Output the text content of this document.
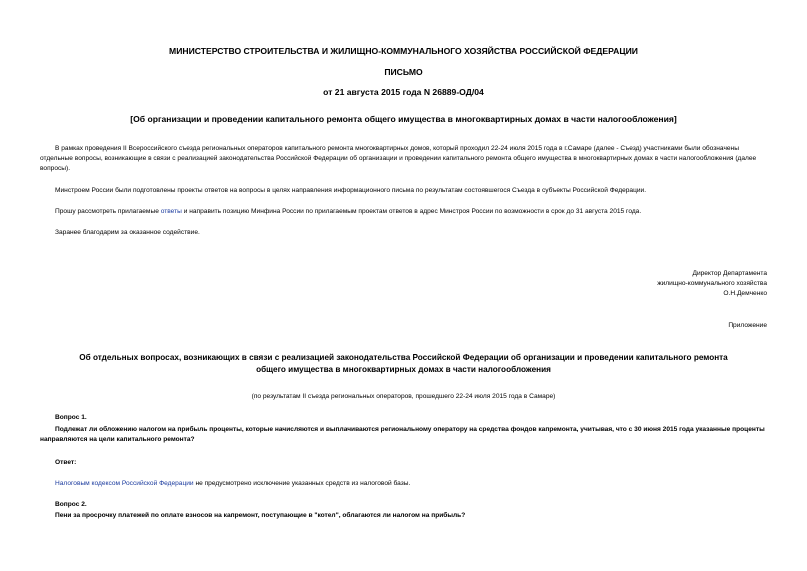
МИНИСТЕРСТВО СТРОИТЕЛЬСТВА И ЖИЛИЩНО-КОММУНАЛЬНОГО ХОЗЯЙСТВА РОССИЙСКОЙ ФЕДЕРАЦИИ
ПИСЬМО
от 21 августа 2015 года N 26889-ОД/04
[Об организации и проведении капитального ремонта общего имущества в многоквартирных домах в части налогообложения]
В рамках проведения II Всероссийского съезда региональных операторов капитального ремонта многоквартирных домов, который проходил 22-24 июля 2015 года в г.Самаре (далее - Съезд) участниками были обозначены отдельные вопросы, возникающие в связи с реализацией законодательства Российской Федерации об организации и проведении капитального ремонта общего имущества в многоквартирных домах в части налогообложения (далее вопросы).
Минстроем России были подготовлены проекты ответов на вопросы в целях направления информационного письма по результатам состоявшегося Съезда в субъекты Российской Федерации.
Прошу рассмотреть прилагаемые ответы и направить позицию Минфина России по прилагаемым проектам ответов в адрес Минстроя России по возможности в срок до 31 августа 2015 года.
Заранее благодарим за оказанное содействие.
Директор Департамента
жилищно-коммунального хозяйства
О.Н.Демченко
Приложение
Об отдельных вопросах, возникающих в связи с реализацией законодательства Российской Федерации об организации и проведении капитального ремонта
общего имущества в многоквартирных домах в части налогообложения
(по результатам II съезда региональных операторов, прошедшего 22-24 июля 2015 года в Самаре)
Вопрос 1.
Подлежат ли обложению налогом на прибыль проценты, которые начисляются и выплачиваются региональному оператору на средства фондов капремонта, учитывая, что с 30 июня 2015 года указанные проценты направляются на цели капитального ремонта?
Ответ:
Налоговым кодексом Российской Федерации не предусмотрено исключение указанных средств из налоговой базы.
Вопрос 2.
Пени за просрочку платежей по оплате взносов на капремонт, поступающие в "котел", облагаются ли налогом на прибыль?
